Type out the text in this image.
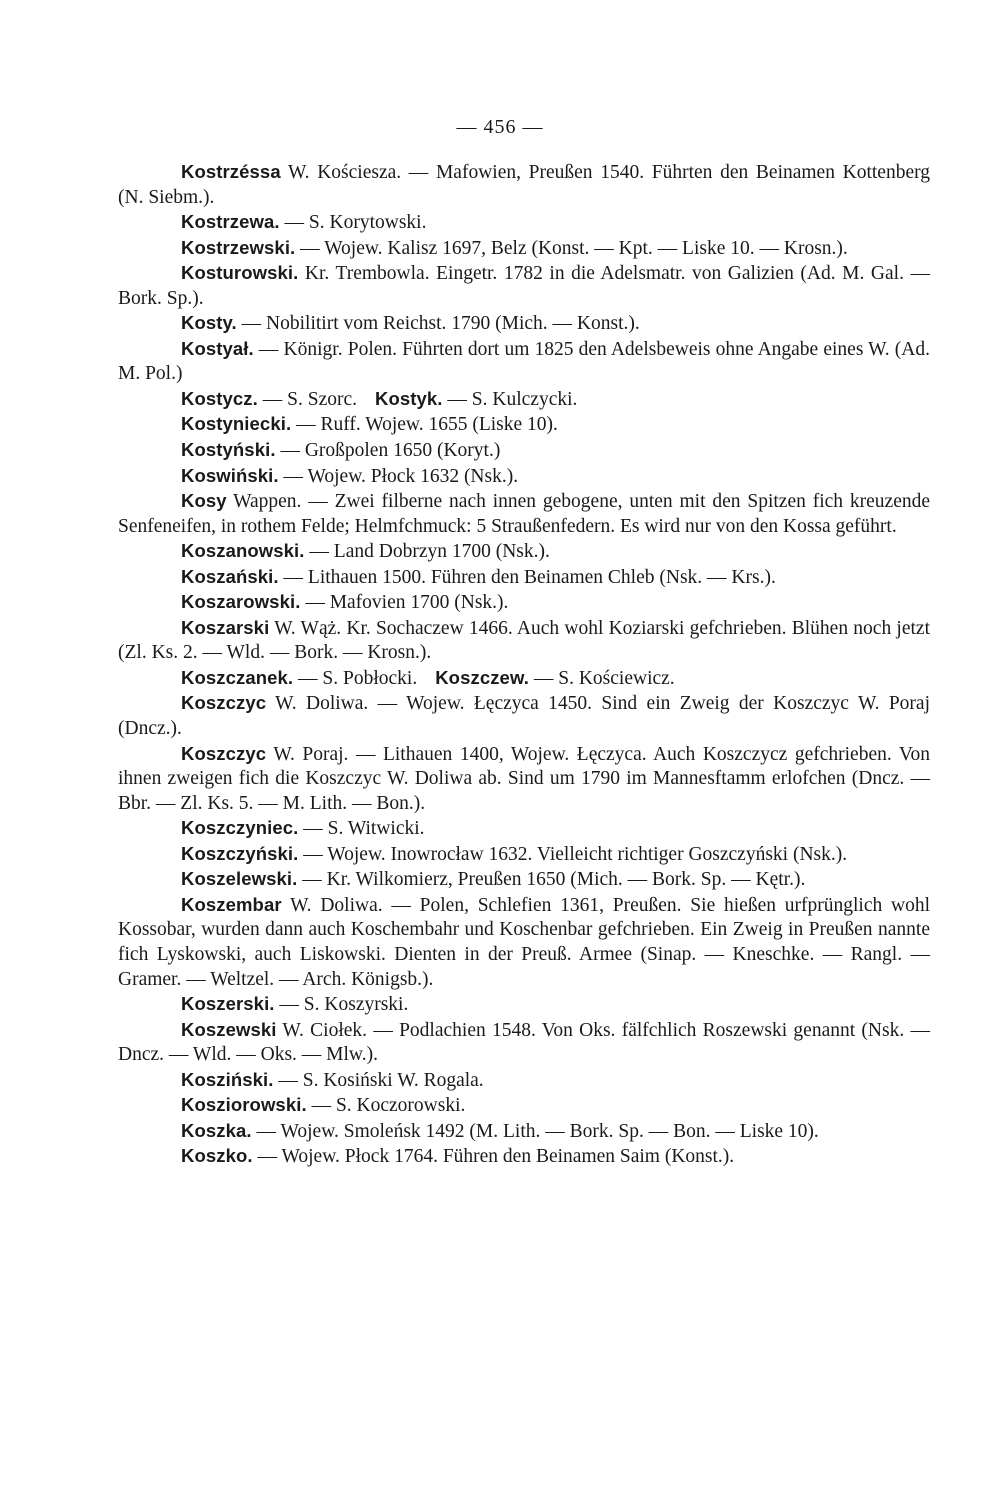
— 456 —

Kostrzéssa W. Kościesza. — Mafowien, Preußen 1540. Führten den Beinamen Kottenberg (N. Siebm.).

Kostrzewa. — S. Korytowski.

Kostrzewski. — Wojew. Kalisz 1697, Belz (Konst. — Kpt. — Liske 10. — Krosn.).

Kosturowski. Kr. Trembowla. Eingetr. 1782 in die Adelsmatr. von Galizien (Ad. M. Gal. — Bork. Sp.).

Kosty. — Nobilitirt vom Reichst. 1790 (Mich. — Konst.).

Kostyał. — Königr. Polen. Führten dort um 1825 den Adelsbeweis ohne Angabe eines W. (Ad. M. Pol.)

Kostycz. — S. Szorc. Kostyk. — S. Kulczycki.

Kostyniecki. — Ruff. Wojew. 1655 (Liske 10).

Kostyński. — Großpolen 1650 (Koryt.)

Koswiński. — Wojew. Płock 1632 (Nsk.).

Kosy Wappen. — Zwei filberne nach innen gebogene, unten mit den Spitzen fich kreuzende Senfeneifen, in rothem Felde; Helmfchmuck: 5 Straußenfedern. Es wird nur von den Kossa geführt.

Koszanowski. — Land Dobrzyn 1700 (Nsk.).

Koszański. — Lithauen 1500. Führen den Beinamen Chleb (Nsk. — Krs.).

Koszarowski. — Mafovien 1700 (Nsk.).

Koszarski W. Wąż. Kr. Sochaczew 1466. Auch wohl Koziarski gefchrieben. Blühen noch jetzt (Zl. Ks. 2. — Wld. — Bork. — Krosn.).

Koszczanek. — S. Pobłocki. Koszczew. — S. Kościewicz.

Koszczyc W. Doliwa. — Wojew. Łęczyca 1450. Sind ein Zweig der Koszczyc W. Poraj (Dncz.).

Koszczyc W. Poraj. — Lithauen 1400, Wojew. Łęczyca. Auch Koszczycz gefchrieben. Von ihnen zweigen fich die Koszczyc W. Doliwa ab. Sind um 1790 im Mannesftamm erlofchen (Dncz. — Bbr. — Zl. Ks. 5. — M. Lith. — Bon.).

Koszczyniec. — S. Witwicki.

Koszczyński. — Wojew. Inowrocław 1632. Vielleicht richtiger Goszczyński (Nsk.).

Koszelewski. — Kr. Wilkomierz, Preußen 1650 (Mich. — Bork. Sp. — Kętr.).

Koszembar W. Doliwa. — Polen, Schlefien 1361, Preußen. Sie hießen urfprünglich wohl Kossobar, wurden dann auch Koschembahr und Koschenbar gefchrieben. Ein Zweig in Preußen nannte fich Lyskowski, auch Liskowski. Dienten in der Preuß. Armee (Sinap. — Kneschke. — Rangl. — Gramer. — Weltzel. — Arch. Königsb.).

Koszerski. — S. Koszyrski.

Koszewski W. Ciołek. — Podlachien 1548. Von Oks. fälfchlich Roszewski genannt (Nsk. — Dncz. — Wld. — Oks. — Mlw.).

Kosziński. — S. Kosiński W. Rogala.

Kosziorowski. — S. Koczorowski.

Koszka. — Wojew. Smoleńsk 1492 (M. Lith. — Bork. Sp. — Bon. — Liske 10).

Koszko. — Wojew. Płock 1764. Führen den Beinamen Saim (Konst.).
